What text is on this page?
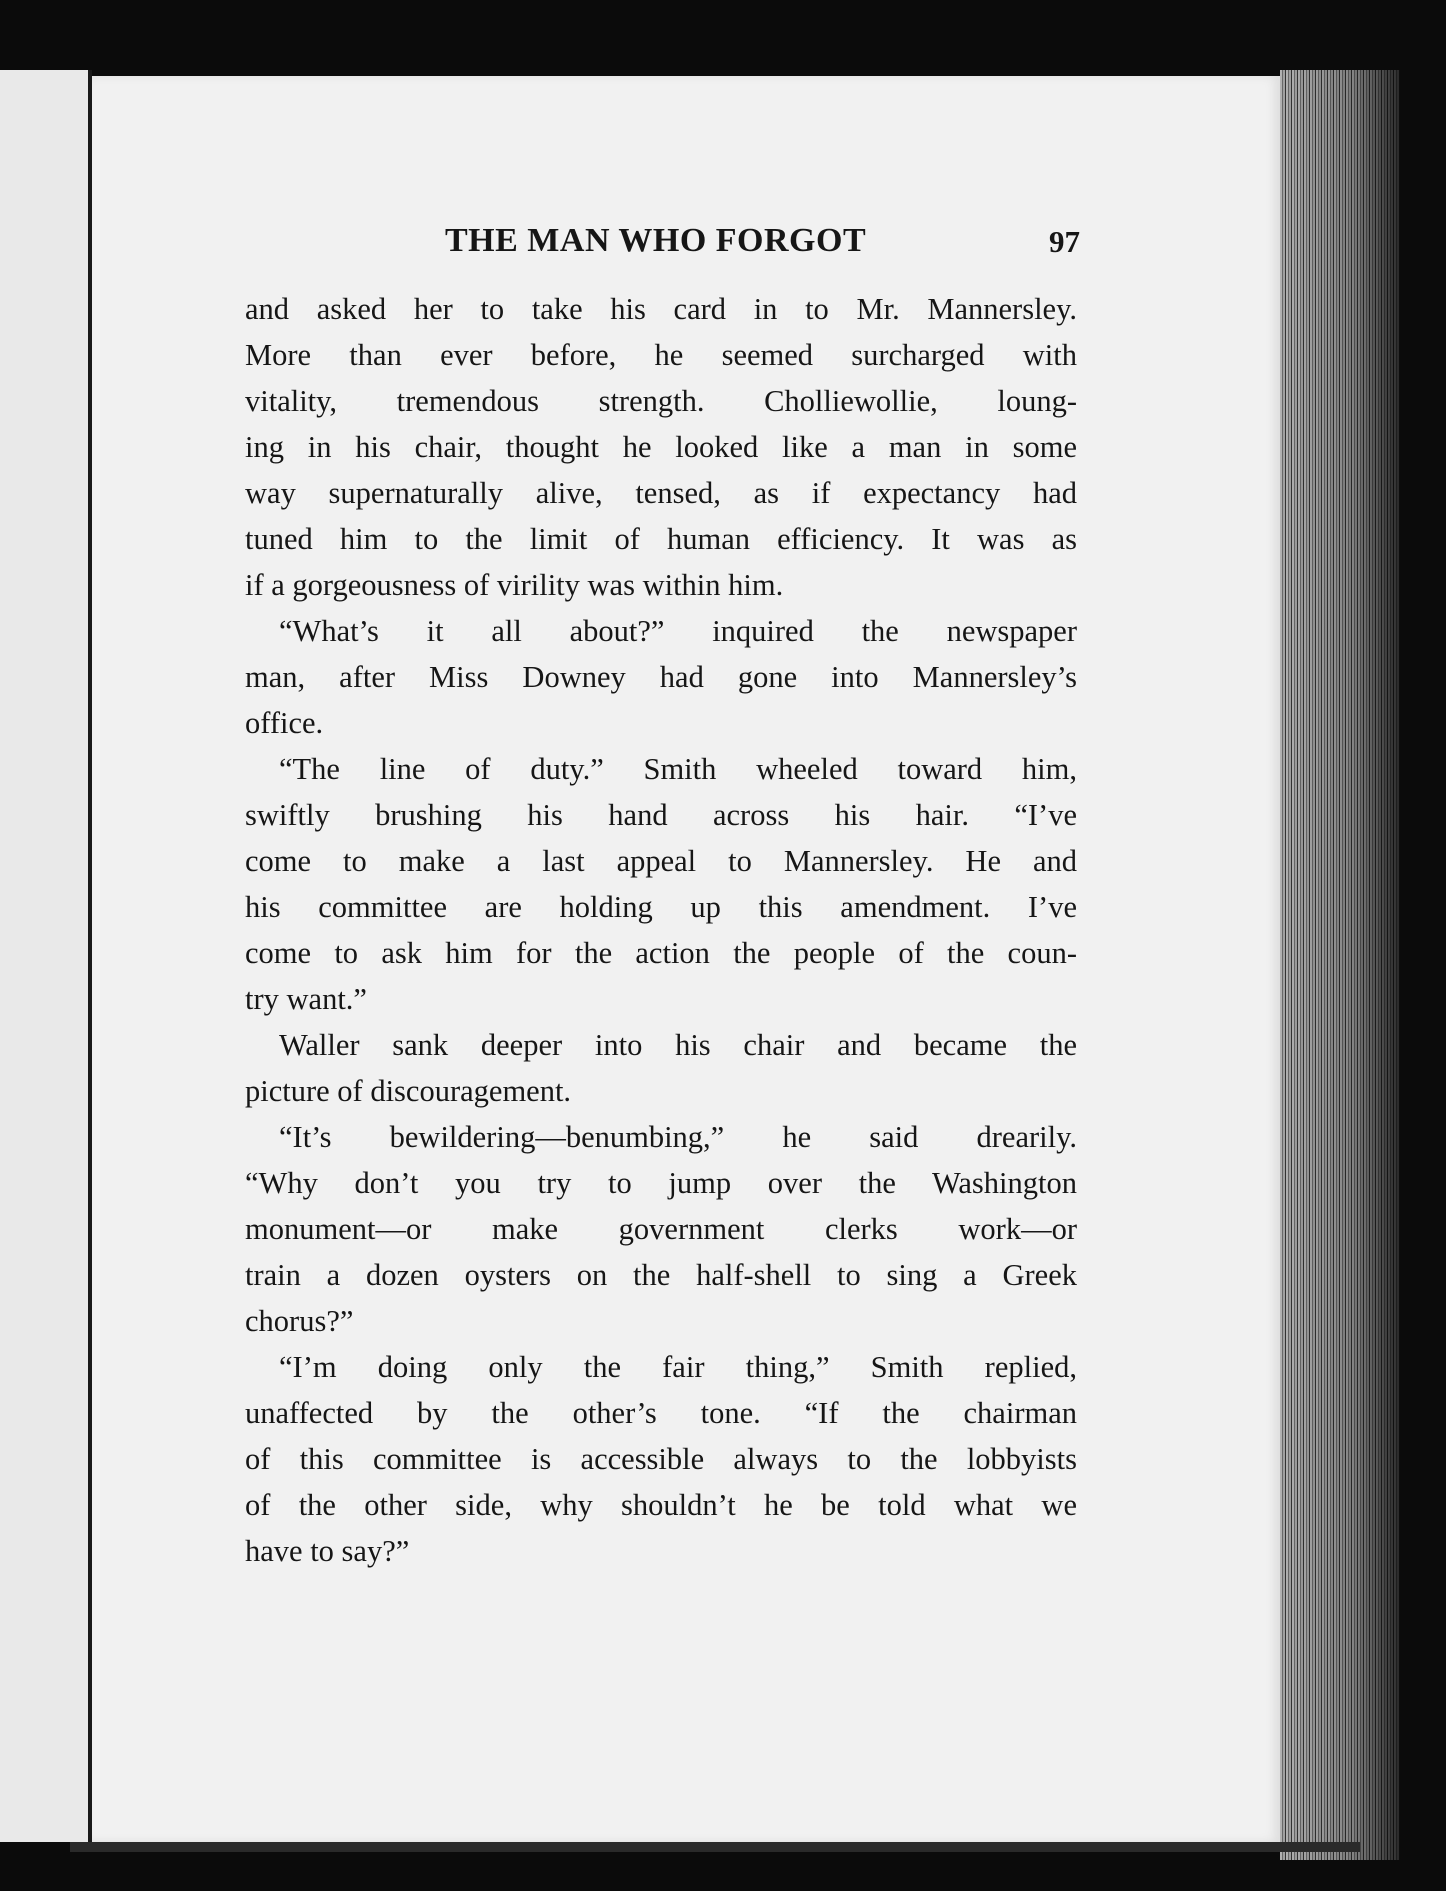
THE MAN WHO FORGOT	97
and asked her to take his card in to Mr. Mannersley.
More than ever before, he seemed surcharged with
vitality, tremendous strength. Cholliewollie, loung-
ing in his chair, thought he looked like a man in some
way supernaturally alive, tensed, as if expectancy had
tuned him to the limit of human efficiency. It was as
if a gorgeousness of virility was within him.
“What’s it all about?” inquired the newspaper
man, after Miss Downey had gone into Mannersley’s
office.
“The line of duty.” Smith wheeled toward him,
swiftly brushing his hand across his hair. “I’ve
come to make a last appeal to Mannersley. He and
his committee are holding up this amendment. I’ve
come to ask him for the action the people of the coun-
try want.”
Waller sank deeper into his chair and became the
picture of discouragement.
“It’s bewildering—benumbing,” he said drearily.
“Why don’t you try to jump over the Washington
monument—or make government clerks work—or
train a dozen oysters on the half-shell to sing a Greek
chorus?”
“I’m doing only the fair thing,” Smith replied,
unaffected by the other’s tone. “If the chairman
of this committee is accessible always to the lobbyists
of the other side, why shouldn’t he be told what we
have to say?”
